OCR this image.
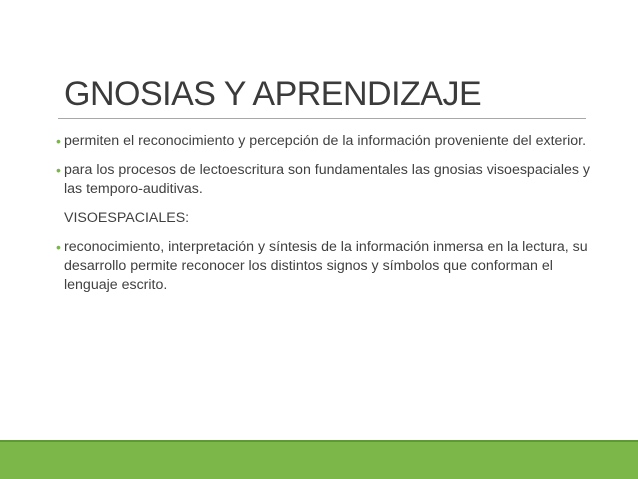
GNOSIAS Y APRENDIZAJE
• permiten el reconocimiento y percepción de la información proveniente del exterior.
• para los procesos de lectoescritura son fundamentales las gnosias visoespaciales y las temporo-auditivas.
VISOESPACIALES:
• reconocimiento, interpretación y síntesis de la información inmersa en la lectura, su desarrollo permite reconocer los distintos signos y símbolos que conforman el lenguaje escrito.
